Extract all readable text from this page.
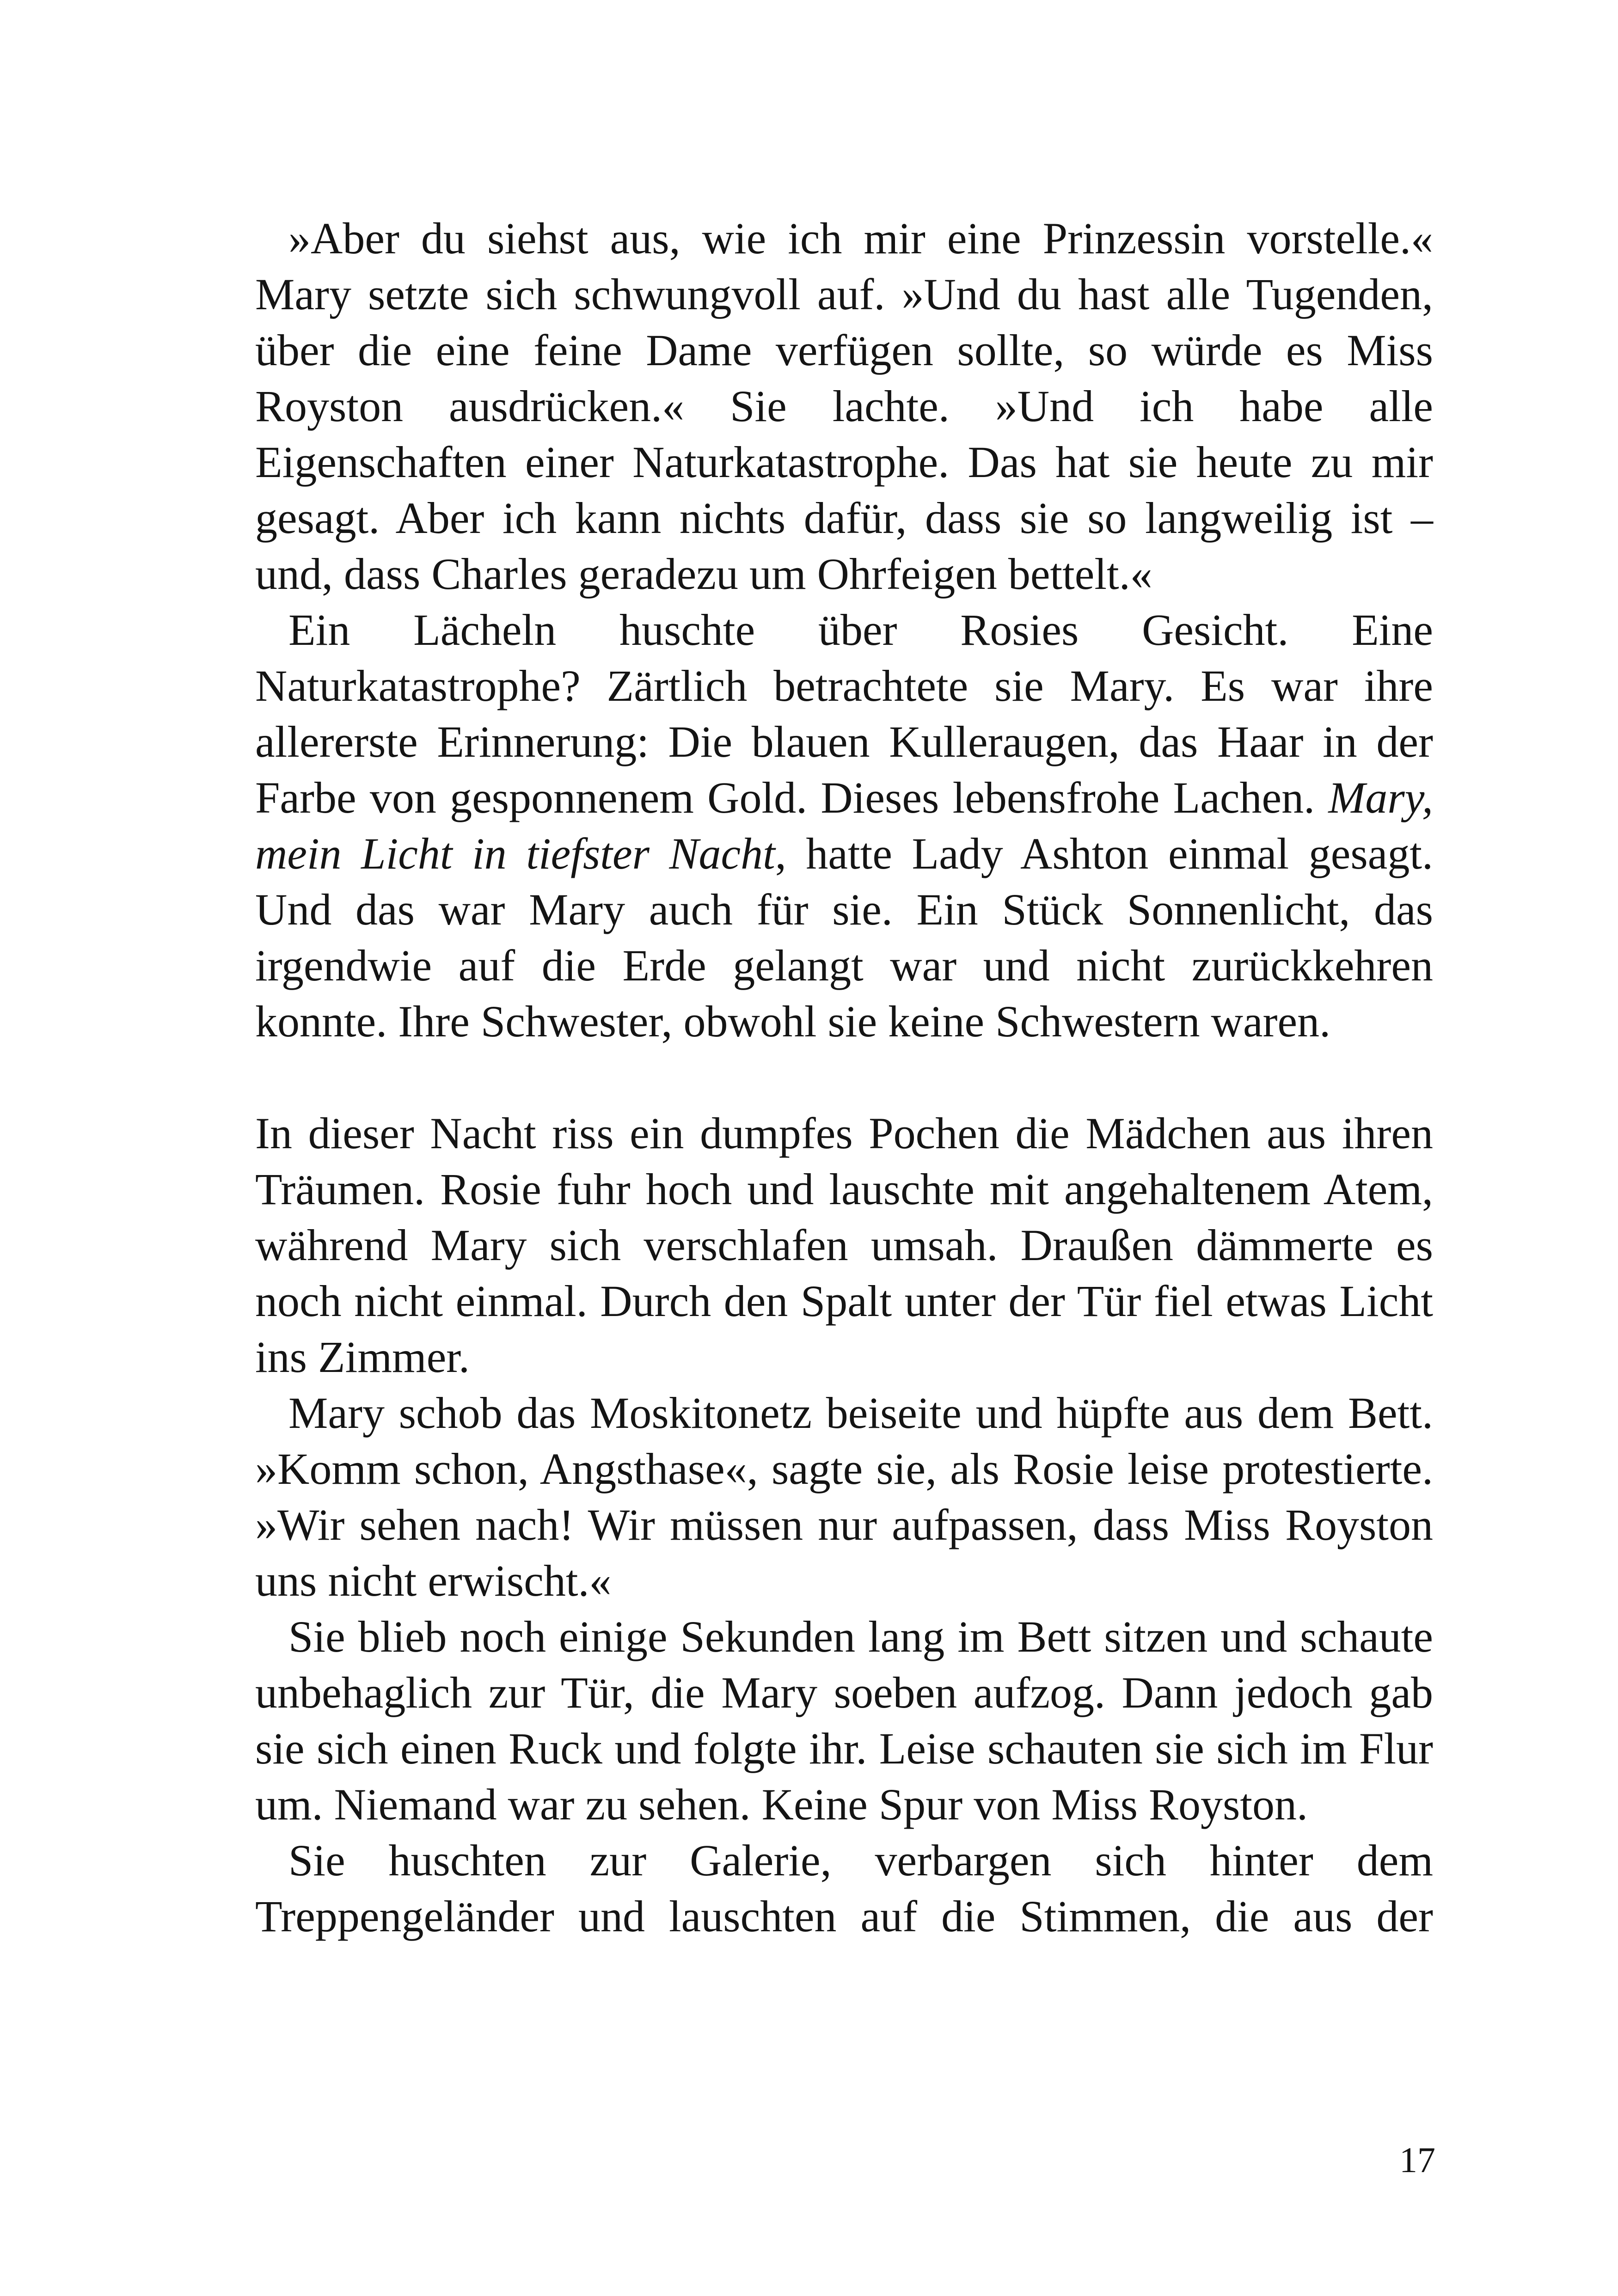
»Aber du siehst aus, wie ich mir eine Prinzessin vorstelle.« Mary setzte sich schwungvoll auf. »Und du hast alle Tugenden, über die eine feine Dame verfügen sollte, so würde es Miss Royston ausdrücken.« Sie lachte. »Und ich habe alle Eigenschaften einer Naturkatastrophe. Das hat sie heute zu mir gesagt. Aber ich kann nichts dafür, dass sie so langweilig ist – und, dass Charles geradezu um Ohrfeigen bettelt.«

Ein Lächeln huschte über Rosies Gesicht. Eine Naturkatastrophe? Zärtlich betrachtete sie Mary. Es war ihre allererste Erinnerung: Die blauen Kulleraugen, das Haar in der Farbe von gesponnenem Gold. Dieses lebensfrohe Lachen. Mary, mein Licht in tiefster Nacht, hatte Lady Ashton einmal gesagt. Und das war Mary auch für sie. Ein Stück Sonnenlicht, das irgendwie auf die Erde gelangt war und nicht zurückkehren konnte. Ihre Schwester, obwohl sie keine Schwestern waren.

In dieser Nacht riss ein dumpfes Pochen die Mädchen aus ihren Träumen. Rosie fuhr hoch und lauschte mit angehaltenem Atem, während Mary sich verschlafen umsah. Draußen dämmerte es noch nicht einmal. Durch den Spalt unter der Tür fiel etwas Licht ins Zimmer.

Mary schob das Moskitonetz beiseite und hüpfte aus dem Bett. »Komm schon, Angsthase«, sagte sie, als Rosie leise protestierte. »Wir sehen nach! Wir müssen nur aufpassen, dass Miss Royston uns nicht erwischt.«

Sie blieb noch einige Sekunden lang im Bett sitzen und schaute unbehaglich zur Tür, die Mary soeben aufzog. Dann jedoch gab sie sich einen Ruck und folgte ihr. Leise schauten sie sich im Flur um. Niemand war zu sehen. Keine Spur von Miss Royston.

Sie huschten zur Galerie, verbargen sich hinter dem Treppengeländer und lauschten auf die Stimmen, die aus der

17
